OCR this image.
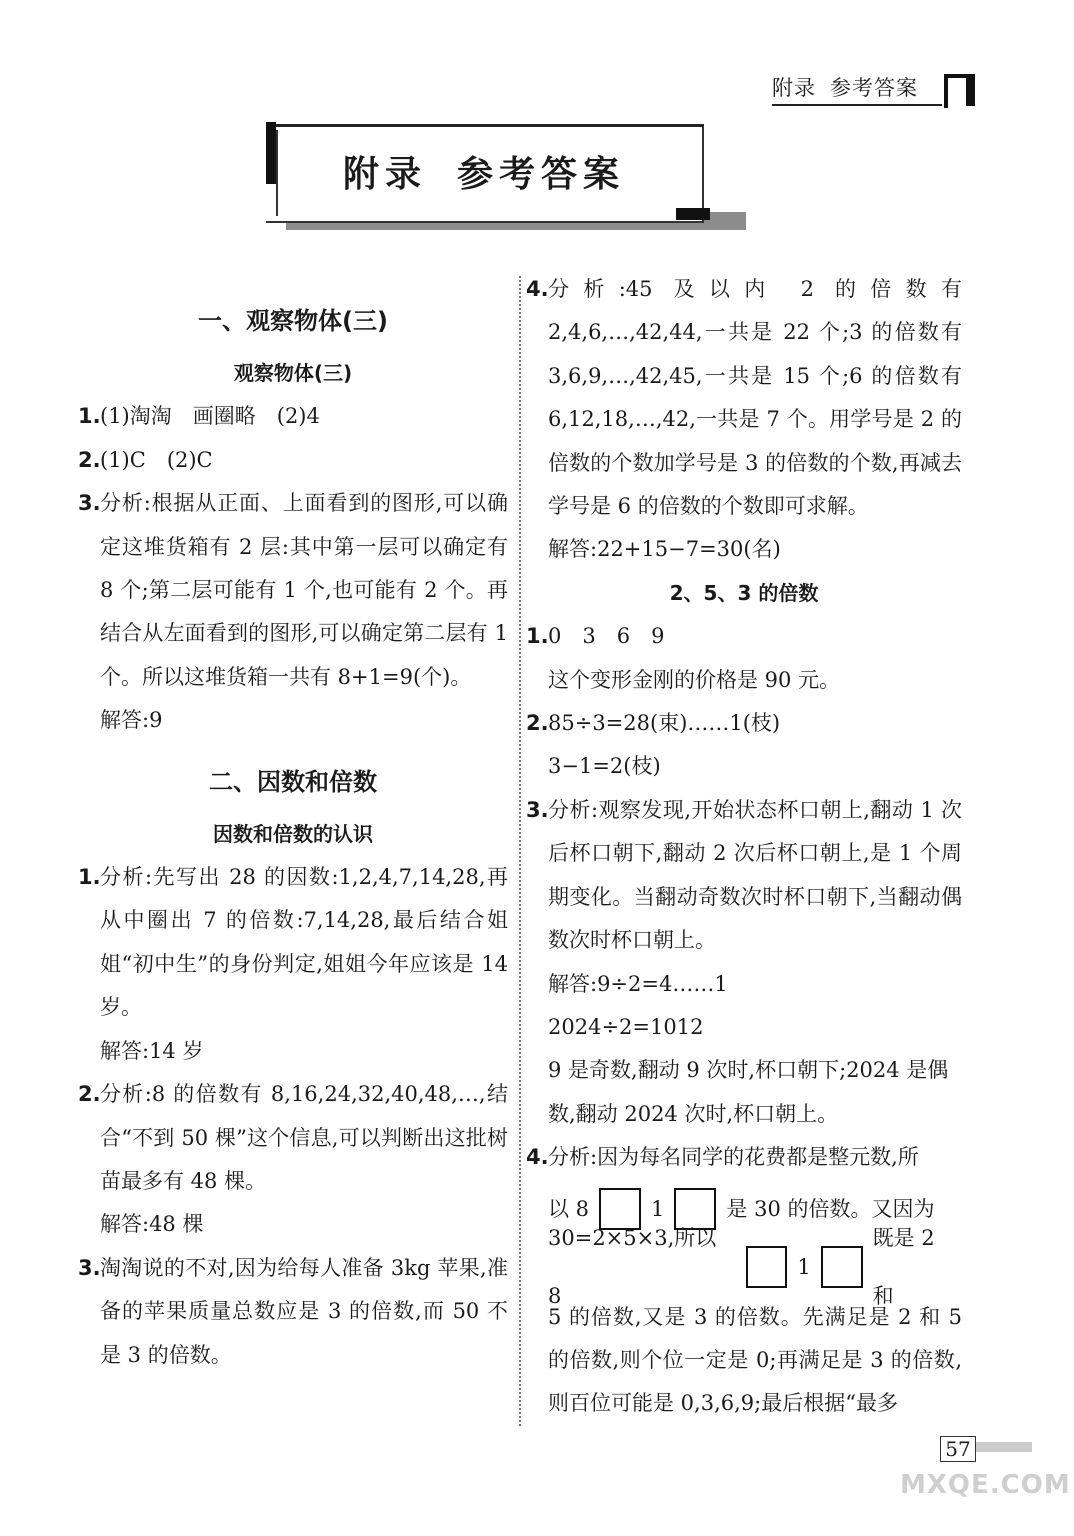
附录 参考答案
附录 参考答案
一、观察物体(三)
观察物体(三)
1. (1)淘淘　画圈略　(2)4
2. (1)C　(2)C
3. 分析:根据从正面、上面看到的图形,可以确定这堆货箱有 2 层:其中第一层可以确定有 8 个;第二层可能有 1 个,也可能有 2 个。再结合从左面看到的图形,可以确定第二层有 1 个。所以这堆货箱一共有 8+1=9(个)。
解答:9
二、因数和倍数
因数和倍数的认识
1. 分析:先写出 28 的因数:1,2,4,7,14,28,再从中圈出 7 的倍数:7,14,28,最后结合姐姐“初中生”的身份判定,姐姐今年应该是 14 岁。
解答:14 岁
2. 分析:8 的倍数有 8,16,24,32,40,48,…,结合“不到 50 棵”这个信息,可以判断出这批树苗最多有 48 棵。
解答:48 棵
3. 淘淘说的不对,因为给每人准备 3kg 苹果,准备的苹果质量总数应是 3 的倍数,而 50 不是 3 的倍数。
4. 分析:45 及以内 2 的倍数有 2,4,6,…,42,44,一共是 22 个;3 的倍数有 3,6,9,…,42,45,一共是 15 个;6 的倍数有 6,12,18,…,42,一共是 7 个。用学号是 2 的倍数的个数加学号是 3 的倍数的个数,再减去学号是 6 的倍数的个数即可求解。
解答:22+15−7=30(名)
2、5、3 的倍数
1. 0　3　6　9
这个变形金刚的价格是 90 元。
2. 85÷3=28(束)……1(枝)
3−1=2(枝)
3. 分析:观察发现,开始状态杯口朝上,翻动 1 次后杯口朝下,翻动 2 次后杯口朝上,是 1 个周期变化。当翻动奇数次时杯口朝下,当翻动偶数次时杯口朝上。
解答:9÷2=4……1
2024÷2=1012
9 是奇数,翻动 9 次时,杯口朝下;2024 是偶数,翻动 2024 次时,杯口朝上。
4. 分析:因为每名同学的花费都是整元数,所
以 8	1	是 30 的倍数。又因为
30=2×5×3,所以 8
1
既是 2 和
5 的倍数,又是 3 的倍数。先满足是 2 和 5 的倍数,则个位一定是 0;再满足是 3 的倍数,则百位可能是 0,3,6,9;最后根据“最多
57
MXQE.COM
